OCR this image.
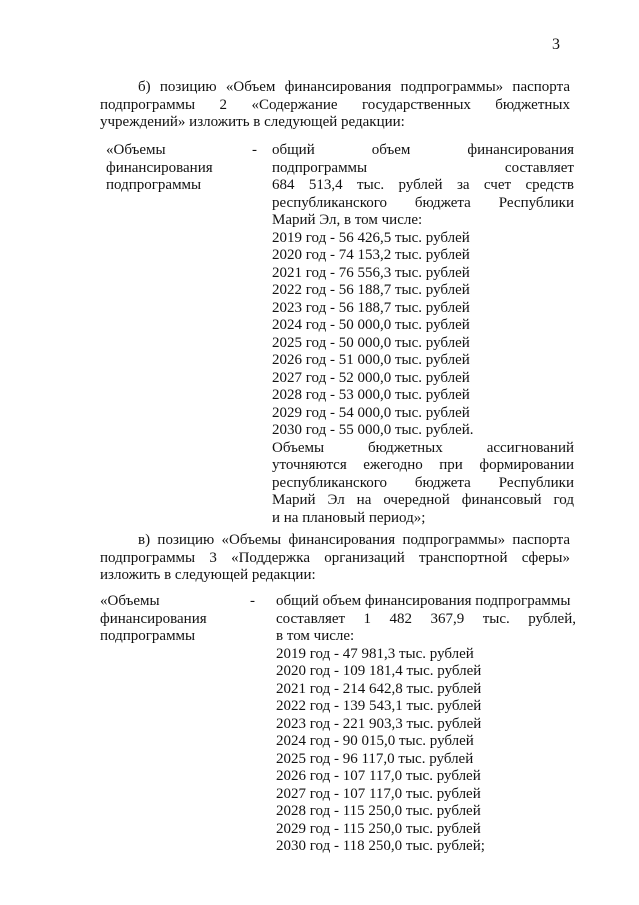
3
б) позицию «Объем финансирования подпрограммы» паспорта подпрограммы 2 «Содержание государственных бюджетных учреждений» изложить в следующей редакции:
«Объемы
финансирования
подпрограммы
- общий объем финансирования
подпрограммы составляет
684 513,4 тыс. рублей за счет средств
республиканского бюджета Республики
Марий Эл, в том числе:
2019 год - 56 426,5 тыс. рублей
2020 год - 74 153,2 тыс. рублей
2021 год - 76 556,3 тыс. рублей
2022 год - 56 188,7 тыс. рублей
2023 год - 56 188,7 тыс. рублей
2024 год - 50 000,0 тыс. рублей
2025 год - 50 000,0 тыс. рублей
2026 год - 51 000,0 тыс. рублей
2027 год - 52 000,0 тыс. рублей
2028 год - 53 000,0 тыс. рублей
2029 год - 54 000,0 тыс. рублей
2030 год - 55 000,0 тыс. рублей.
Объемы бюджетных ассигнований
уточняются ежегодно при формировании
республиканского бюджета Республики
Марий Эл на очередной финансовый год
и на плановый период»;
в) позицию «Объемы финансирования подпрограммы» паспорта подпрограммы 3 «Поддержка организаций транспортной сферы» изложить в следующей редакции:
«Объемы
финансирования
подпрограммы
- общий объем финансирования подпрограммы
составляет 1 482 367,9 тыс. рублей,
в том числе:
2019 год - 47 981,3 тыс. рублей
2020 год - 109 181,4 тыс. рублей
2021 год - 214 642,8 тыс. рублей
2022 год - 139 543,1 тыс. рублей
2023 год - 221 903,3 тыс. рублей
2024 год - 90 015,0 тыс. рублей
2025 год - 96 117,0 тыс. рублей
2026 год - 107 117,0 тыс. рублей
2027 год - 107 117,0 тыс. рублей
2028 год - 115 250,0 тыс. рублей
2029 год - 115 250,0 тыс. рублей
2030 год - 118 250,0 тыс. рублей;
